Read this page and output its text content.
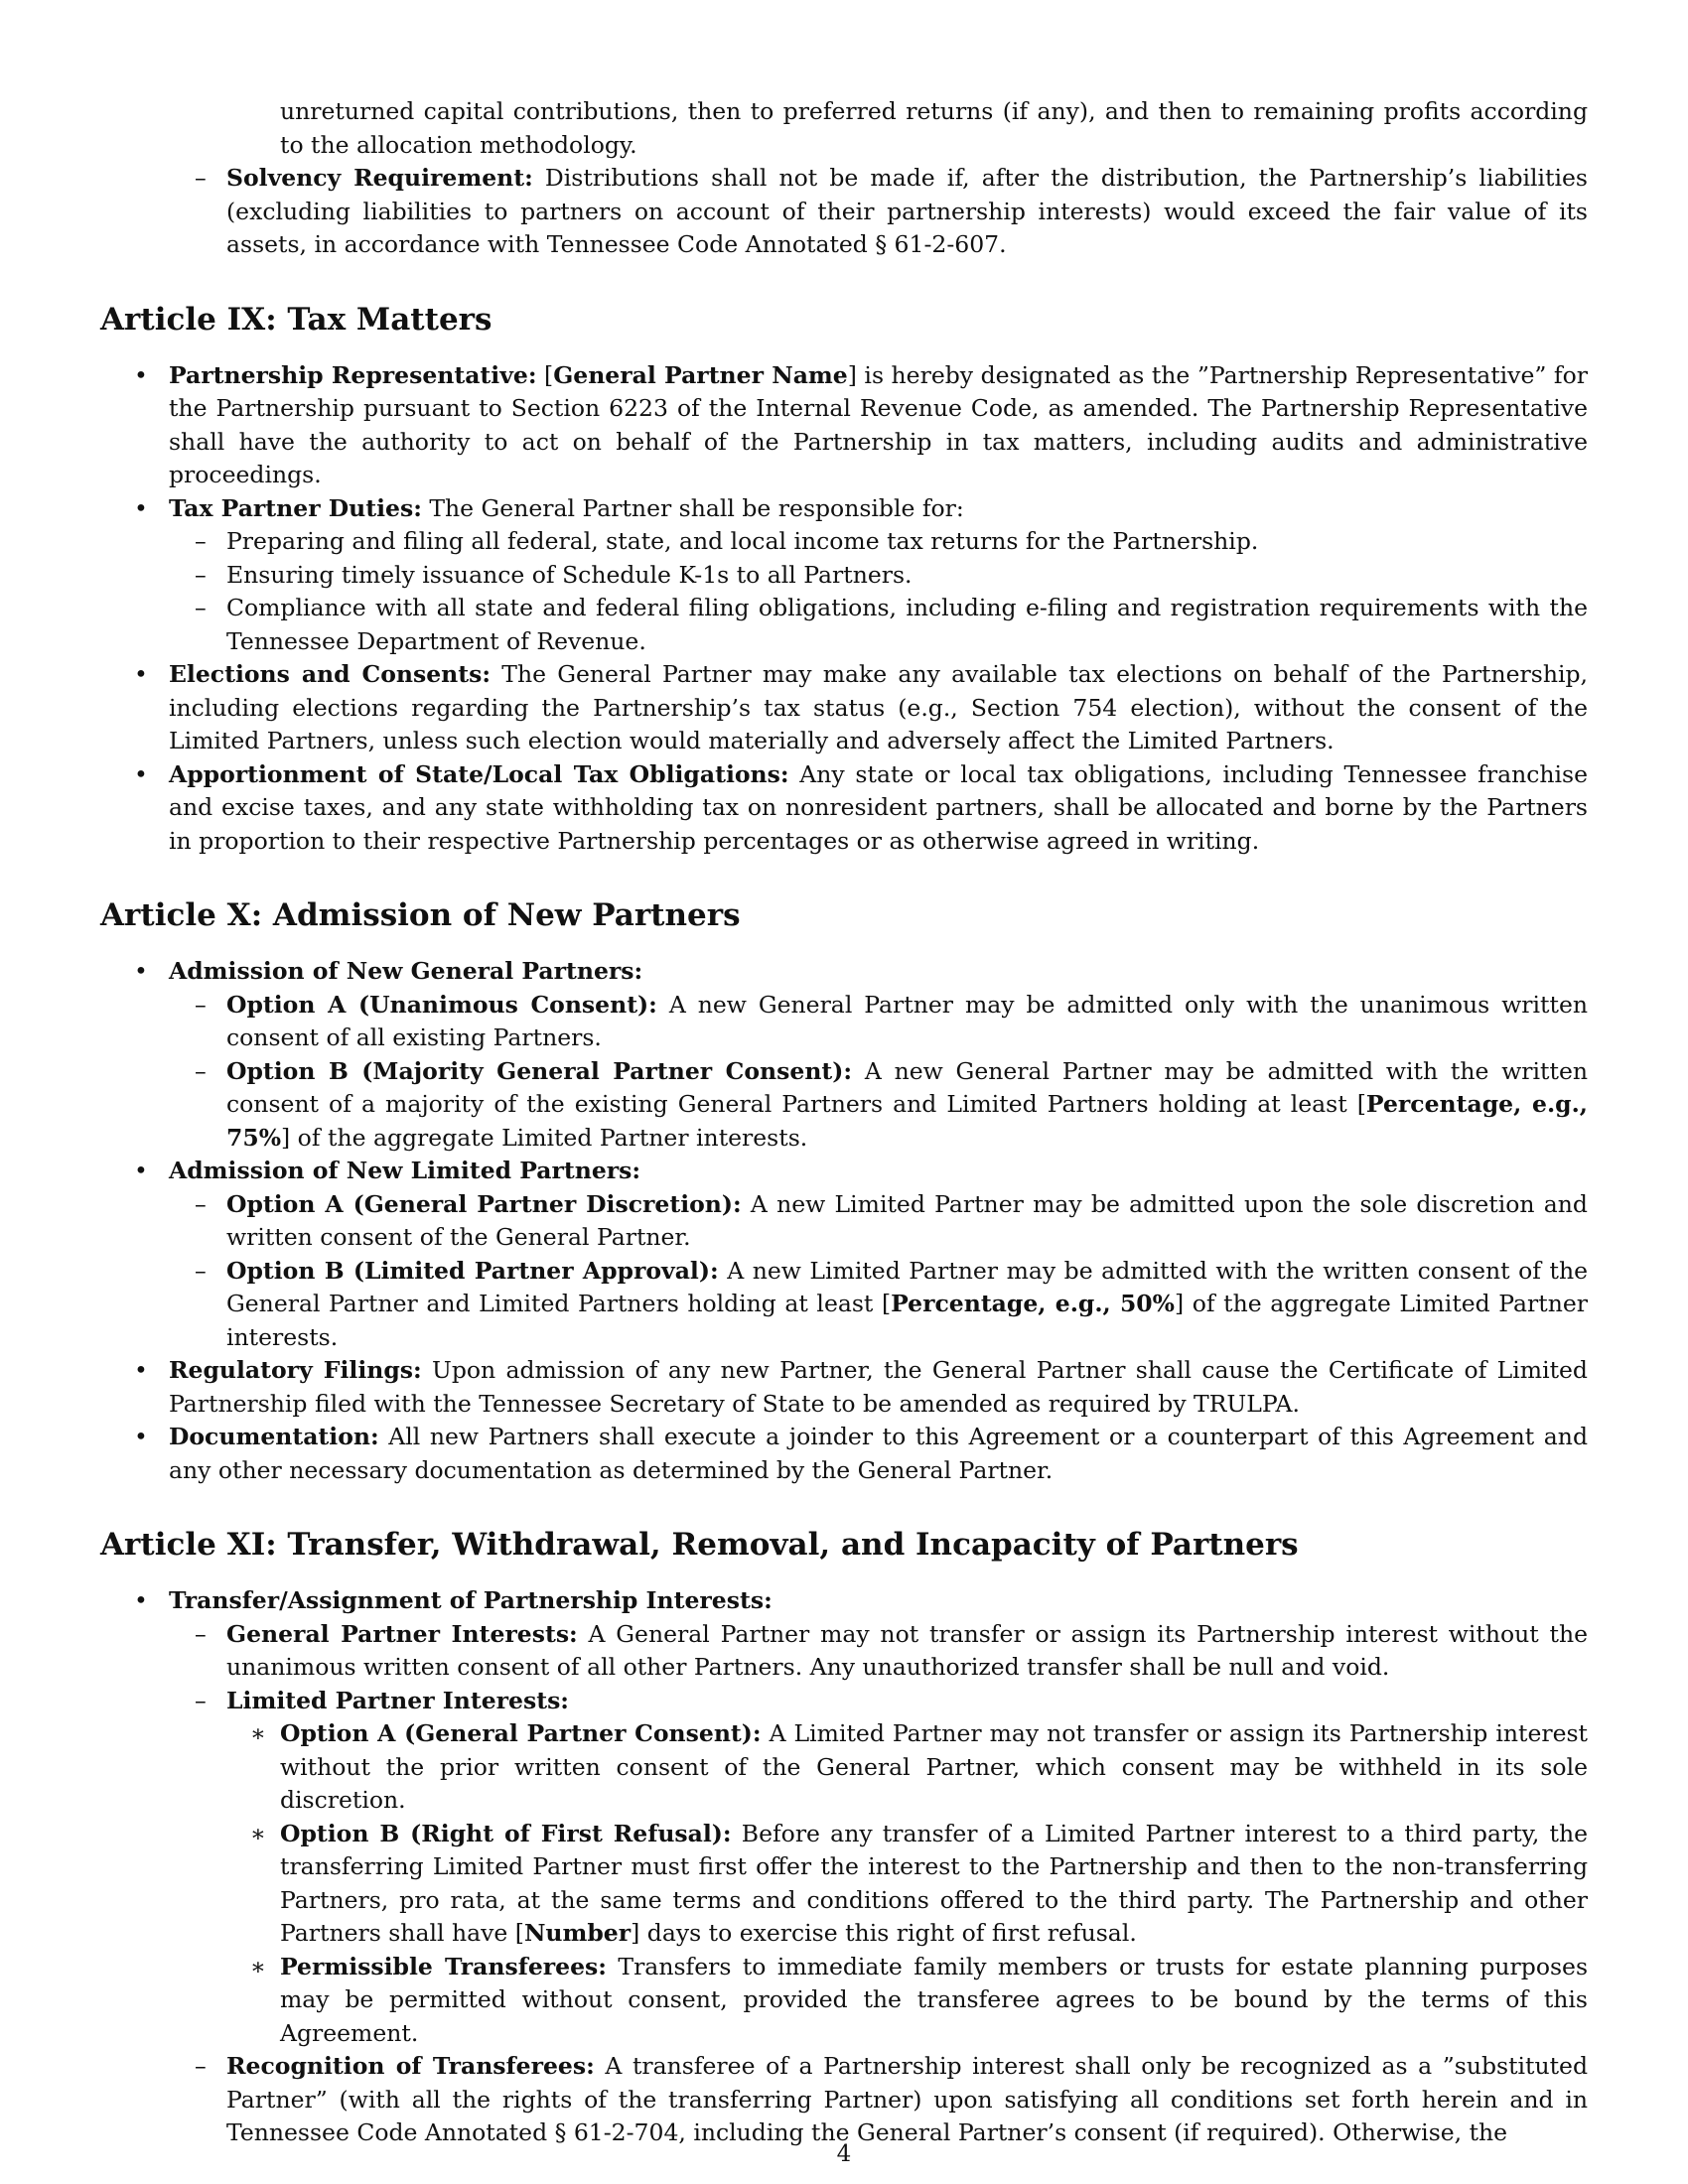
unreturned capital contributions, then to preferred returns (if any), and then to remaining profits according to the allocation methodology.

– Solvency Requirement: Distributions shall not be made if, after the distribution, the Partnership’s liabilities (excluding liabilities to partners on account of their partnership interests) would exceed the fair value of its assets, in accordance with Tennessee Code Annotated § 61-2-607.
Article IX: Tax Matters
• Partnership Representative: [General Partner Name] is hereby designated as the ”Partnership Representative” for the Partnership pursuant to Section 6223 of the Internal Revenue Code, as amended. The Partnership Representative shall have the authority to act on behalf of the Partnership in tax matters, including audits and administrative proceedings.
• Tax Partner Duties: The General Partner shall be responsible for:
– Preparing and filing all federal, state, and local income tax returns for the Partnership.
– Ensuring timely issuance of Schedule K-1s to all Partners.
– Compliance with all state and federal filing obligations, including e-filing and registration requirements with the Tennessee Department of Revenue.
• Elections and Consents: The General Partner may make any available tax elections on behalf of the Partnership, including elections regarding the Partnership’s tax status (e.g., Section 754 election), without the consent of the Limited Partners, unless such election would materially and adversely affect the Limited Partners.
• Apportionment of State/Local Tax Obligations: Any state or local tax obligations, including Tennessee franchise and excise taxes, and any state withholding tax on nonresident partners, shall be allocated and borne by the Partners in proportion to their respective Partnership percentages or as otherwise agreed in writing.
Article X: Admission of New Partners
• Admission of New General Partners:
– Option A (Unanimous Consent): A new General Partner may be admitted only with the unanimous written consent of all existing Partners.
– Option B (Majority General Partner Consent): A new General Partner may be admitted with the written consent of a majority of the existing General Partners and Limited Partners holding at least [Percentage, e.g., 75%] of the aggregate Limited Partner interests.
• Admission of New Limited Partners:
– Option A (General Partner Discretion): A new Limited Partner may be admitted upon the sole discretion and written consent of the General Partner.
– Option B (Limited Partner Approval): A new Limited Partner may be admitted with the written consent of the General Partner and Limited Partners holding at least [Percentage, e.g., 50%] of the aggregate Limited Partner interests.
• Regulatory Filings: Upon admission of any new Partner, the General Partner shall cause the Certificate of Limited Partnership filed with the Tennessee Secretary of State to be amended as required by TRULPA.
• Documentation: All new Partners shall execute a joinder to this Agreement or a counterpart of this Agreement and any other necessary documentation as determined by the General Partner.
Article XI: Transfer, Withdrawal, Removal, and Incapacity of Partners
• Transfer/Assignment of Partnership Interests:
– General Partner Interests: A General Partner may not transfer or assign its Partnership interest without the unanimous written consent of all other Partners. Any unauthorized transfer shall be null and void.
– Limited Partner Interests:
∗ Option A (General Partner Consent): A Limited Partner may not transfer or assign its Partnership interest without the prior written consent of the General Partner, which consent may be withheld in its sole discretion.
∗ Option B (Right of First Refusal): Before any transfer of a Limited Partner interest to a third party, the transferring Limited Partner must first offer the interest to the Partnership and then to the non-transferring Partners, pro rata, at the same terms and conditions offered to the third party. The Partnership and other Partners shall have [Number] days to exercise this right of first refusal.
∗ Permissible Transferees: Transfers to immediate family members or trusts for estate planning purposes may be permitted without consent, provided the transferee agrees to be bound by the terms of this Agreement.
– Recognition of Transferees: A transferee of a Partnership interest shall only be recognized as a ”substituted Partner” (with all the rights of the transferring Partner) upon satisfying all conditions set forth herein and in Tennessee Code Annotated § 61-2-704, including the General Partner’s consent (if required). Otherwise, the
4
